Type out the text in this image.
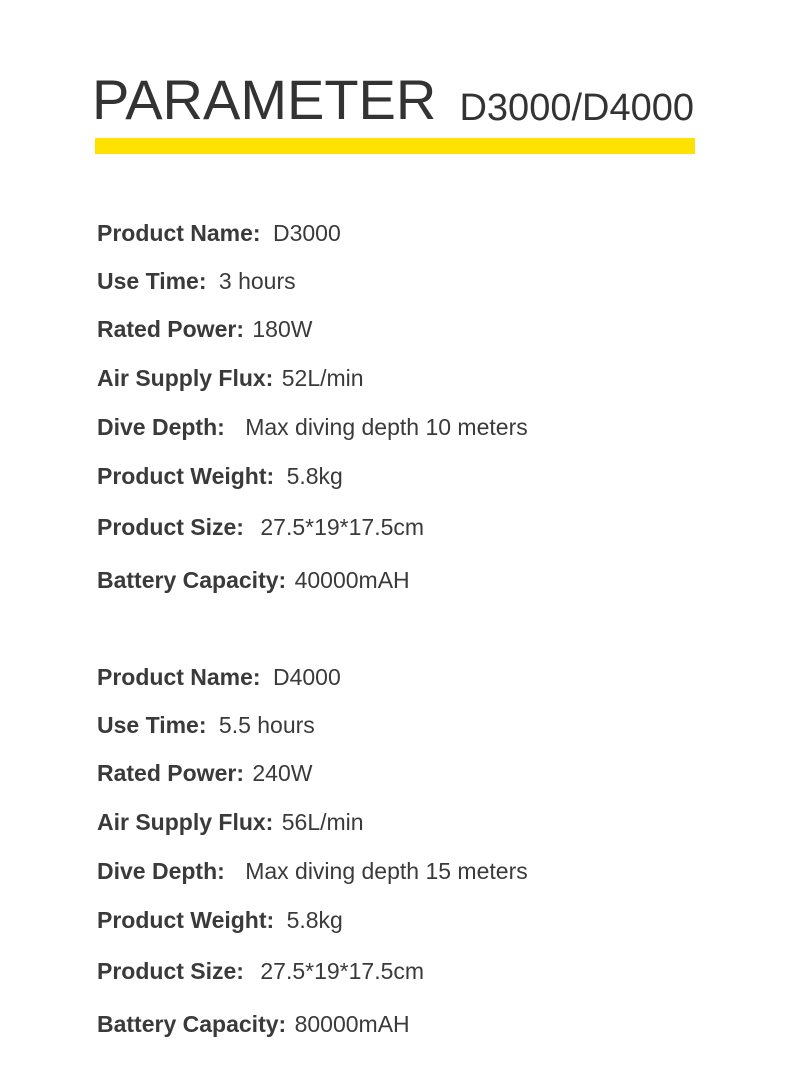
PARAMETER D3000/D4000
Product Name: D3000
Use Time: 3 hours
Rated Power: 180W
Air Supply Flux: 52L/min
Dive Depth: Max diving depth 10 meters
Product Weight: 5.8kg
Product Size: 27.5*19*17.5cm
Battery Capacity: 40000mAH
Product Name: D4000
Use Time: 5.5 hours
Rated Power: 240W
Air Supply Flux: 56L/min
Dive Depth: Max diving depth 15 meters
Product Weight: 5.8kg
Product Size: 27.5*19*17.5cm
Battery Capacity: 80000mAH
